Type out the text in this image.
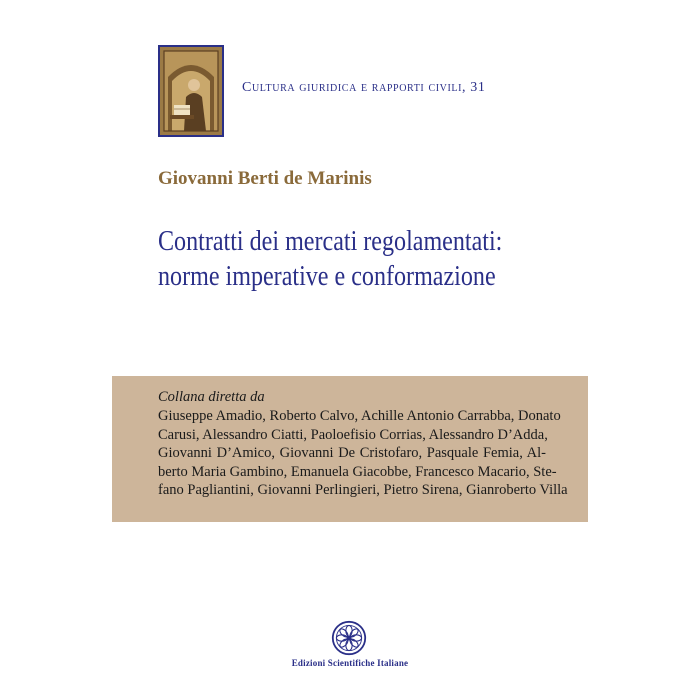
Cultura giuridica e rapporti civili, 31
Giovanni Berti de Marinis
Contratti dei mercati regolamentati:
norme imperative e conformazione
Collana diretta da
Giuseppe Amadio, Roberto Calvo, Achille Antonio Carrabba, Donato
Carusi, Alessandro Ciatti, Paoloefisio Corrias, Alessandro D’Adda,
Giovanni D’Amico, Giovanni De Cristofaro, Pasquale Femia, Al-
berto Maria Gambino, Emanuela Giacobbe, Francesco Macario, Ste-
fano Pagliantini, Giovanni Perlingieri, Pietro Sirena, Gianroberto Villa
Edizioni Scientifiche Italiane
